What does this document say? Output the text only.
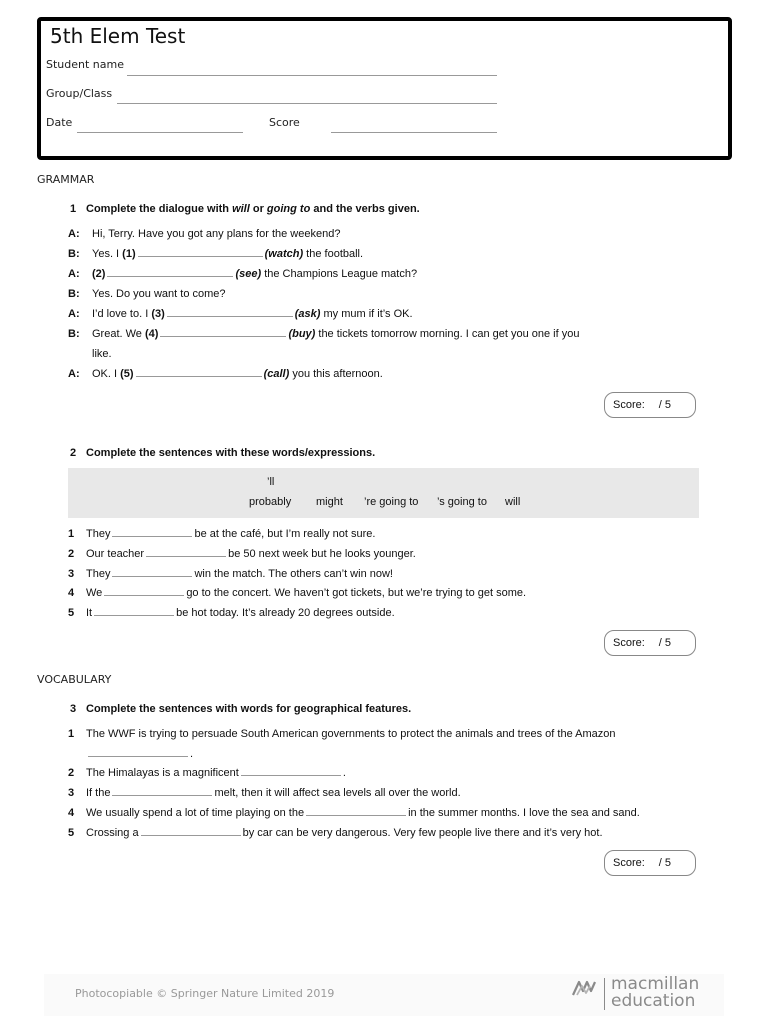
5th Elem Test
Student name
Group/Class
Date	Score
GRAMMAR
1 Complete the dialogue with will or going to and the verbs given.
A: Hi, Terry. Have you got any plans for the weekend?
B: Yes. I (1)	(watch) the football.
A: (2)	(see) the Champions League match?
B: Yes. Do you want to come?
A: I’d love to. I (3)	(ask) my mum if it’s OK.
B: Great. We (4)	(buy) the tickets tomorrow morning. I can get you one if you
like.
A: OK. I (5)	(call) you this afternoon.
Score: / 5
2 Complete the sentences with these words/expressions.
’ll
probably might ’re going to ’s going to will
1 They	be at the café, but I’m really not sure.
2 Our teacher	be 50 next week but he looks younger.
3 They	win the match. The others can’t win now!
4 We	go to the concert. We haven’t got tickets, but we’re trying to get some.
5 It	be hot today. It’s already 20 degrees outside.
Score: / 5
VOCABULARY
3 Complete the sentences with words for geographical features.
1 The WWF is trying to persuade South American governments to protect the animals and trees of the Amazon
.
2 The Himalayas is a magnificent	.
3 If the	melt, then it will affect sea levels all over the world.
4 We usually spend a lot of time playing on the	in the summer months. I love the sea and sand.
5 Crossing a	by car can be very dangerous. Very few people live there and it’s very hot.
Score: / 5
Photocopiable © Springer Nature Limited 2019	macmillan
education
